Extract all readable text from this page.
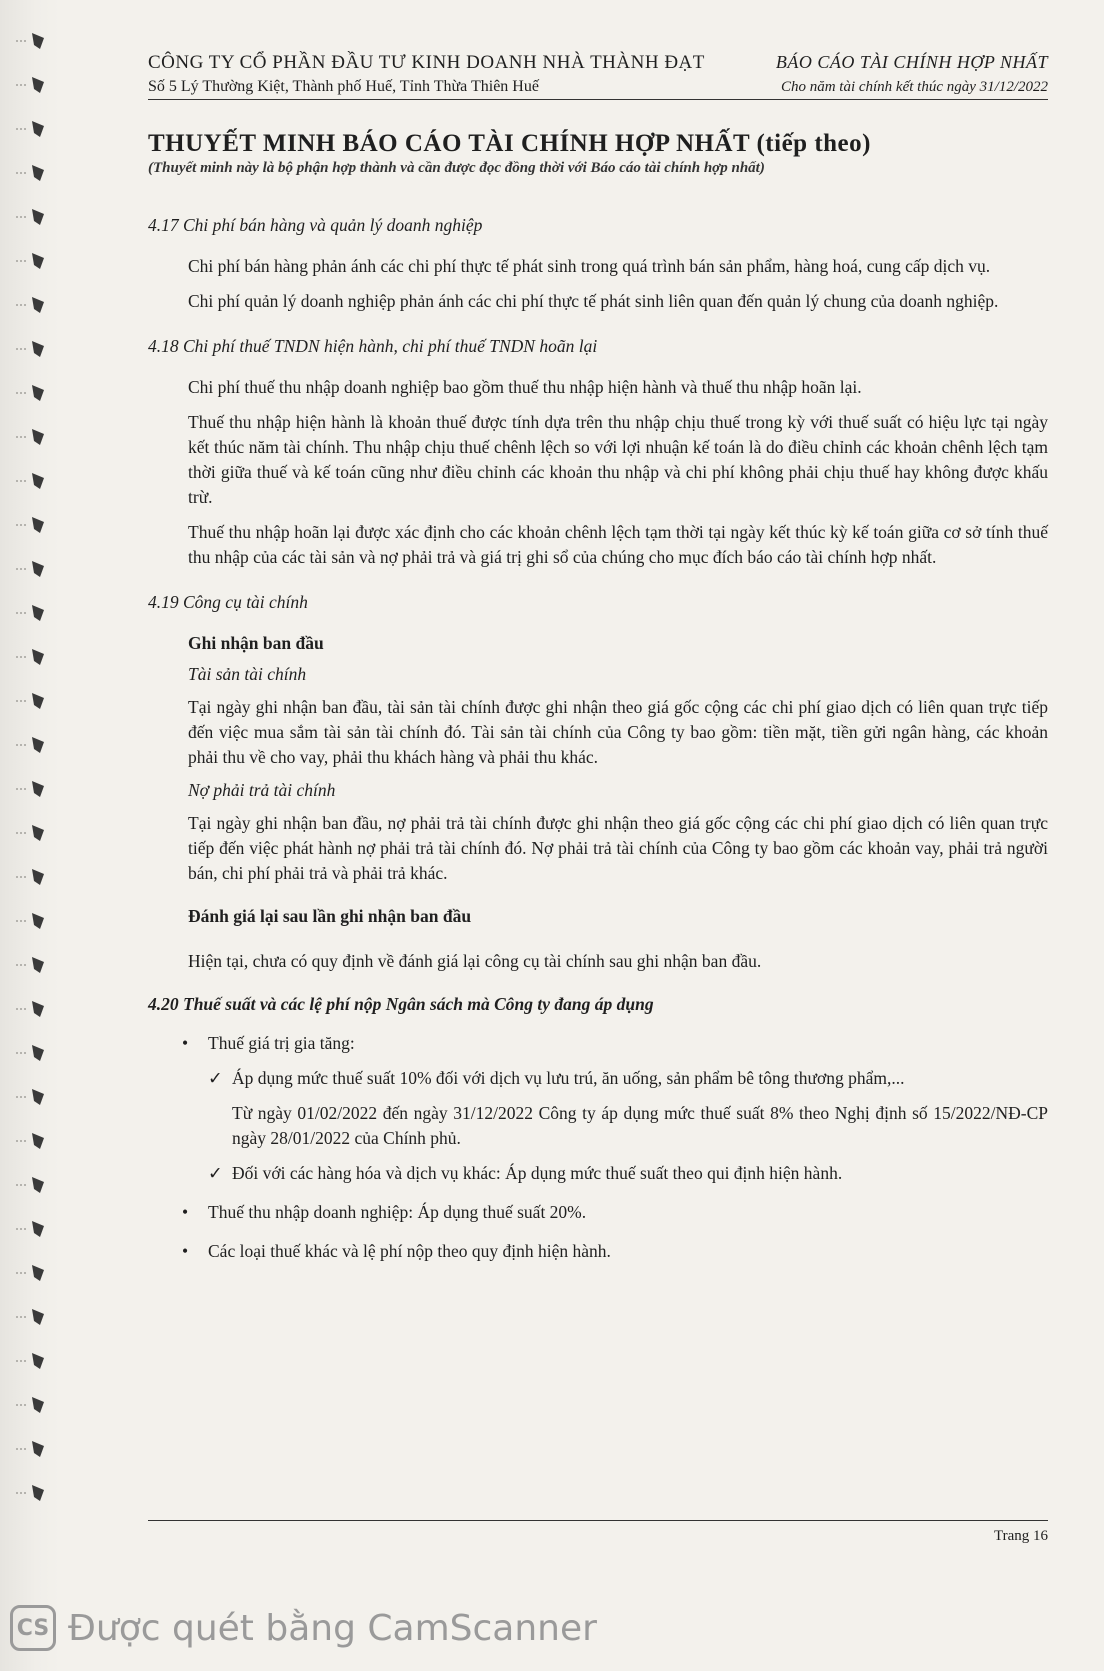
CÔNG TY CỔ PHẦN ĐẦU TƯ KINH DOANH NHÀ THÀNH ĐẠT	BÁO CÁO TÀI CHÍNH HỢP NHẤT
Số 5 Lý Thường Kiệt, Thành phố Huế, Tỉnh Thừa Thiên Huế	Cho năm tài chính kết thúc ngày 31/12/2022
THUYẾT MINH BÁO CÁO TÀI CHÍNH HỢP NHẤT (tiếp theo)
(Thuyết minh này là bộ phận hợp thành và cần được đọc đồng thời với Báo cáo tài chính hợp nhất)
4.17 Chi phí bán hàng và quản lý doanh nghiệp

Chi phí bán hàng phản ánh các chi phí thực tế phát sinh trong quá trình bán sản phẩm, hàng hoá, cung cấp dịch vụ.

Chi phí quản lý doanh nghiệp phản ánh các chi phí thực tế phát sinh liên quan đến quản lý chung của doanh nghiệp.

4.18 Chi phí thuế TNDN hiện hành, chi phí thuế TNDN hoãn lại

Chi phí thuế thu nhập doanh nghiệp bao gồm thuế thu nhập hiện hành và thuế thu nhập hoãn lại.

Thuế thu nhập hiện hành là khoản thuế được tính dựa trên thu nhập chịu thuế trong kỳ với thuế suất có hiệu lực tại ngày kết thúc năm tài chính. Thu nhập chịu thuế chênh lệch so với lợi nhuận kế toán là do điều chỉnh các khoản chênh lệch tạm thời giữa thuế và kế toán cũng như điều chỉnh các khoản thu nhập và chi phí không phải chịu thuế hay không được khấu trừ.

Thuế thu nhập hoãn lại được xác định cho các khoản chênh lệch tạm thời tại ngày kết thúc kỳ kế toán giữa cơ sở tính thuế thu nhập của các tài sản và nợ phải trả và giá trị ghi sổ của chúng cho mục đích báo cáo tài chính hợp nhất.

4.19 Công cụ tài chính
Ghi nhận ban đầu
Tài sản tài chính

Tại ngày ghi nhận ban đầu, tài sản tài chính được ghi nhận theo giá gốc cộng các chi phí giao dịch có liên quan trực tiếp đến việc mua sắm tài sản tài chính đó. Tài sản tài chính của Công ty bao gồm: tiền mặt, tiền gửi ngân hàng, các khoản phải thu về cho vay, phải thu khách hàng và phải thu khác.

Nợ phải trả tài chính

Tại ngày ghi nhận ban đầu, nợ phải trả tài chính được ghi nhận theo giá gốc cộng các chi phí giao dịch có liên quan trực tiếp đến việc phát hành nợ phải trả tài chính đó. Nợ phải trả tài chính của Công ty bao gồm các khoản vay, phải trả người bán, chi phí phải trả và phải trả khác.

Đánh giá lại sau lần ghi nhận ban đầu

Hiện tại, chưa có quy định về đánh giá lại công cụ tài chính sau ghi nhận ban đầu.

4.20 Thuế suất và các lệ phí nộp Ngân sách mà Công ty đang áp dụng
• Thuế giá trị gia tăng:
✓ Áp dụng mức thuế suất 10% đối với dịch vụ lưu trú, ăn uống, sản phẩm bê tông thương phẩm,...

Từ ngày 01/02/2022 đến ngày 31/12/2022 Công ty áp dụng mức thuế suất 8% theo Nghị định số 15/2022/NĐ-CP ngày 28/01/2022 của Chính phủ.

✓ Đối với các hàng hóa và dịch vụ khác: Áp dụng mức thuế suất theo qui định hiện hành.
• Thuế thu nhập doanh nghiệp: Áp dụng thuế suất 20%.
• Các loại thuế khác và lệ phí nộp theo quy định hiện hành.
Trang 16
CS Được quét bằng CamScanner
